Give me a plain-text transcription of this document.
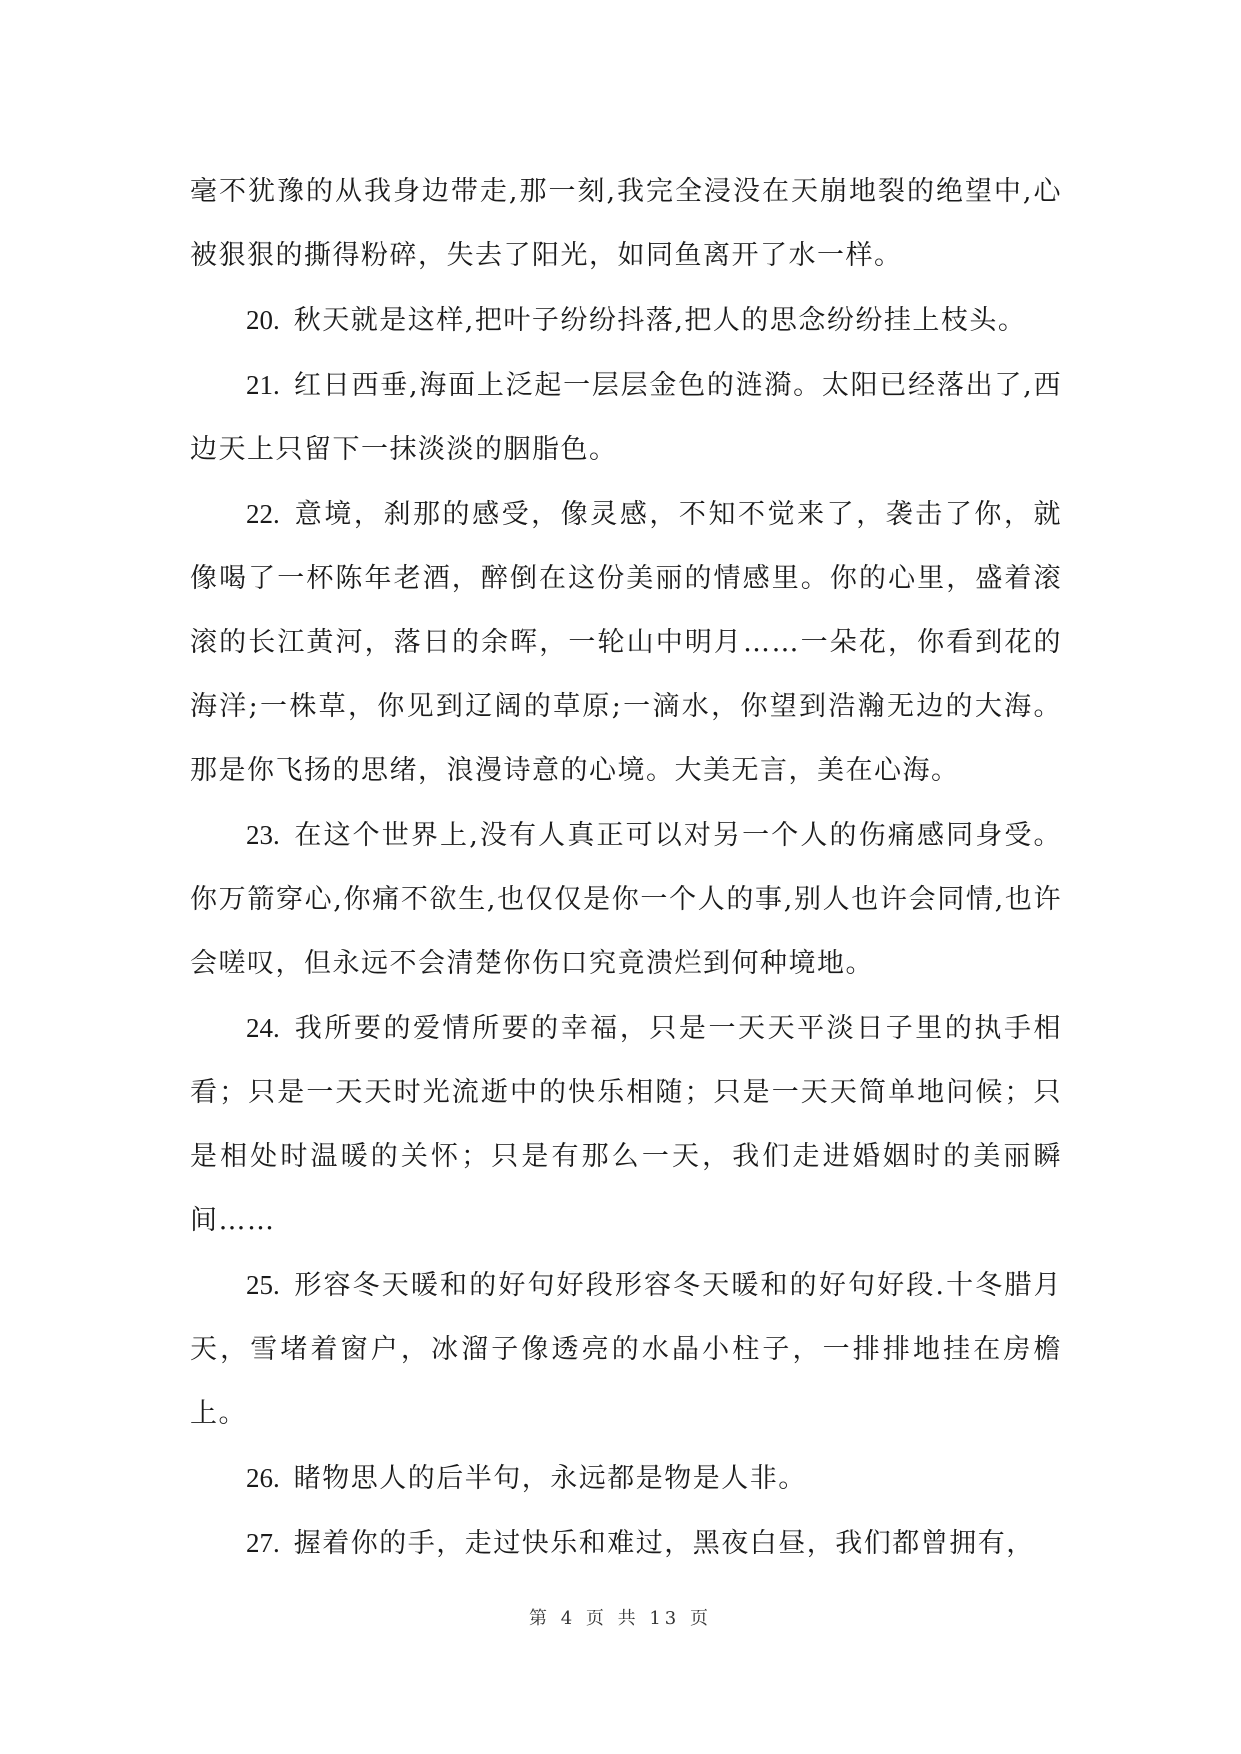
毫不犹豫的从我身边带走,那一刻,我完全浸没在天崩地裂的绝望中,心被狠狠的撕得粉碎，失去了阳光，如同鱼离开了水一样。

20. 秋天就是这样,把叶子纷纷抖落,把人的思念纷纷挂上枝头。

21. 红日西垂,海面上泛起一层层金色的涟漪。太阳已经落出了,西边天上只留下一抹淡淡的胭脂色。

22. 意境，刹那的感受，像灵感，不知不觉来了，袭击了你，就像喝了一杯陈年老酒，醉倒在这份美丽的情感里。你的心里，盛着滚滚的长江黄河，落日的余晖，一轮山中明月……一朵花，你看到花的海洋;一株草，你见到辽阔的草原;一滴水，你望到浩瀚无边的大海。那是你飞扬的思绪，浪漫诗意的心境。大美无言，美在心海。

23. 在这个世界上,没有人真正可以对另一个人的伤痛感同身受。你万箭穿心,你痛不欲生,也仅仅是你一个人的事,别人也许会同情,也许会嗟叹，但永远不会清楚你伤口究竟溃烂到何种境地。

24. 我所要的爱情所要的幸福，只是一天天平淡日子里的执手相看；只是一天天时光流逝中的快乐相随；只是一天天简单地问候；只是相处时温暖的关怀；只是有那么一天，我们走进婚姻时的美丽瞬间……

25. 形容冬天暖和的好句好段形容冬天暖和的好句好段.十冬腊月天，雪堵着窗户，冰溜子像透亮的水晶小柱子，一排排地挂在房檐上。

26. 睹物思人的后半句，永远都是物是人非。

27. 握着你的手，走过快乐和难过，黑夜白昼，我们都曾拥有，

第 4 页 共 13 页
